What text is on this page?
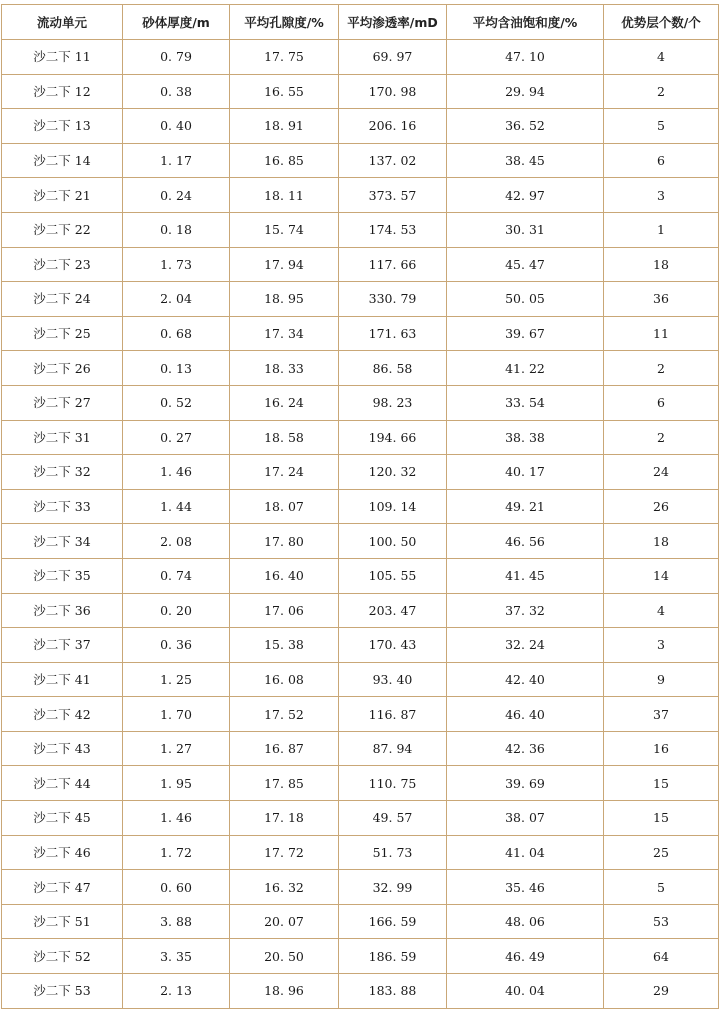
流动单元	砂体厚度/m	平均孔隙度/%	平均渗透率/mD	平均含油饱和度/%	优势层个数/个
沙二下 11	0. 79	17. 75	69. 97	47. 10	4
沙二下 12	0. 38	16. 55	170. 98	29. 94	2
沙二下 13	0. 40	18. 91	206. 16	36. 52	5
沙二下 14	1. 17	16. 85	137. 02	38. 45	6
沙二下 21	0. 24	18. 11	373. 57	42. 97	3
沙二下 22	0. 18	15. 74	174. 53	30. 31	1
沙二下 23	1. 73	17. 94	117. 66	45. 47	18
沙二下 24	2. 04	18. 95	330. 79	50. 05	36
沙二下 25	0. 68	17. 34	171. 63	39. 67	11
沙二下 26	0. 13	18. 33	86. 58	41. 22	2
沙二下 27	0. 52	16. 24	98. 23	33. 54	6
沙二下 31	0. 27	18. 58	194. 66	38. 38	2
沙二下 32	1. 46	17. 24	120. 32	40. 17	24
沙二下 33	1. 44	18. 07	109. 14	49. 21	26
沙二下 34	2. 08	17. 80	100. 50	46. 56	18
沙二下 35	0. 74	16. 40	105. 55	41. 45	14
沙二下 36	0. 20	17. 06	203. 47	37. 32	4
沙二下 37	0. 36	15. 38	170. 43	32. 24	3
沙二下 41	1. 25	16. 08	93. 40	42. 40	9
沙二下 42	1. 70	17. 52	116. 87	46. 40	37
沙二下 43	1. 27	16. 87	87. 94	42. 36	16
沙二下 44	1. 95	17. 85	110. 75	39. 69	15
沙二下 45	1. 46	17. 18	49. 57	38. 07	15
沙二下 46	1. 72	17. 72	51. 73	41. 04	25
沙二下 47	0. 60	16. 32	32. 99	35. 46	5
沙二下 51	3. 88	20. 07	166. 59	48. 06	53
沙二下 52	3. 35	20. 50	186. 59	46. 49	64
沙二下 53	2. 13	18. 96	183. 88	40. 04	29
